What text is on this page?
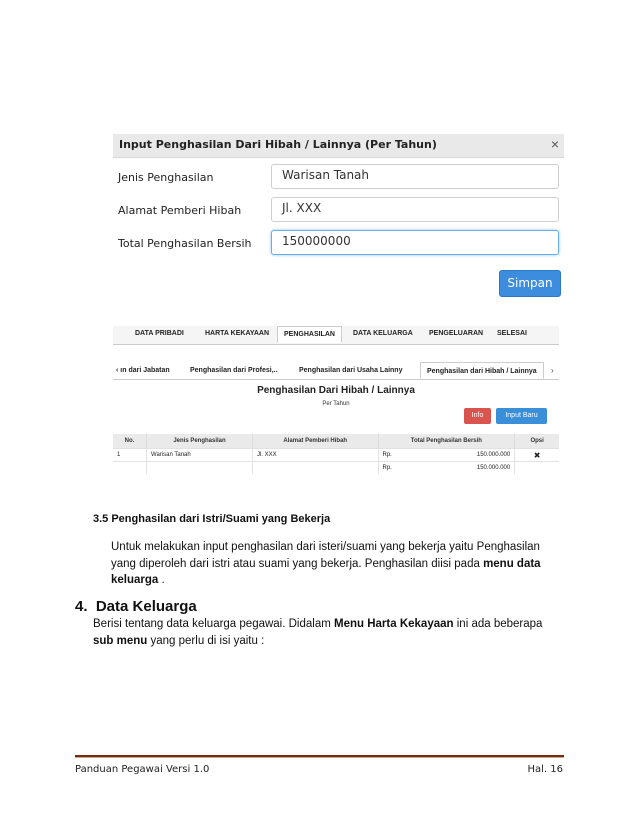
Input Penghasilan Dari Hibah / Lainnya (Per Tahun)	×
Jenis Penghasilan	Warisan Tanah
Alamat Pemberi Hibah	Jl. XXX
Total Penghasilan Bersih	150000000
Simpan
DATA PRIBADI	HARTA KEKAYAAN	PENGHASILAN	DATA KELUARGA PENGELUARAN SELESAI
‹ ın dari Jabatan	Penghasilan dari Profesi,..	Penghasilan dari Usaha Lainny	Penghasilan dari Hibah / Lainnya	›
Penghasilan Dari Hibah / Lainnya
Per Tahun
Info	Input Baru
No.	Jenis Penghasilan	Alamat Pemberi Hibah	Total Penghasilan Bersih	Opsi
1	Warisan Tanah	Jl. XXX	Rp. 150.000.000	✖
			Rp. 150.000.000	

3.5 Penghasilan dari Istri/Suami yang Bekerja
Untuk melakukan input penghasilan dari isteri/suami yang bekerja yaitu Penghasilan
yang diperoleh dari istri atau suami yang bekerja. Penghasilan diisi pada menu data
keluarga .
4.  Data Keluarga
Berisi tentang data keluarga pegawai. Didalam Menu Harta Kekayaan ini ada beberapa
sub menu yang perlu di isi yaitu :
Panduan Pegawai Versi 1.0	Hal. 16
